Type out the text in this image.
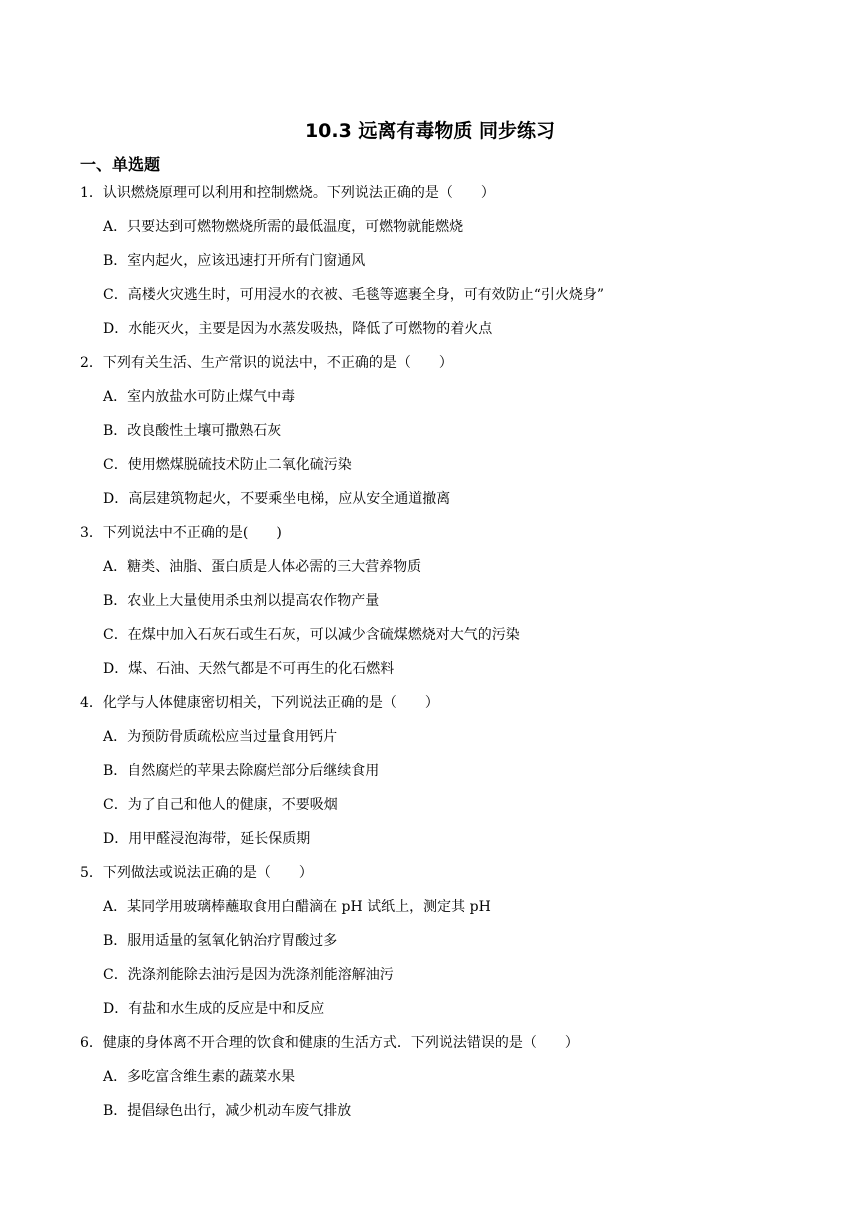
10.3 远离有毒物质 同步练习
一、单选题
1．认识燃烧原理可以利用和控制燃烧。下列说法正确的是（　　）
A．只要达到可燃物燃烧所需的最低温度，可燃物就能燃烧
B．室内起火，应该迅速打开所有门窗通风
C．高楼火灾逃生时，可用浸水的衣被、毛毯等遮裹全身，可有效防止“引火烧身”
D．水能灭火，主要是因为水蒸发吸热，降低了可燃物的着火点
2．下列有关生活、生产常识的说法中，不正确的是（　　）
A．室内放盐水可防止煤气中毒
B．改良酸性土壤可撒熟石灰
C．使用燃煤脱硫技术防止二氧化硫污染
D．高层建筑物起火，不要乘坐电梯，应从安全通道撤离
3．下列说法中不正确的是(　　)
A．糖类、油脂、蛋白质是人体必需的三大营养物质
B．农业上大量使用杀虫剂以提高农作物产量
C．在煤中加入石灰石或生石灰，可以减少含硫煤燃烧对大气的污染
D．煤、石油、天然气都是不可再生的化石燃料
4．化学与人体健康密切相关，下列说法正确的是（　　）
A．为预防骨质疏松应当过量食用钙片
B．自然腐烂的苹果去除腐烂部分后继续食用
C．为了自己和他人的健康，不要吸烟
D．用甲醛浸泡海带，延长保质期
5．下列做法或说法正确的是（　　）
A．某同学用玻璃棒蘸取食用白醋滴在 pH 试纸上，测定其 pH
B．服用适量的氢氧化钠治疗胃酸过多
C．洗涤剂能除去油污是因为洗涤剂能溶解油污
D．有盐和水生成的反应是中和反应
6．健康的身体离不开合理的饮食和健康的生活方式．下列说法错误的是（　　）
A．多吃富含维生素的蔬菜水果
B．提倡绿色出行，减少机动车废气排放
